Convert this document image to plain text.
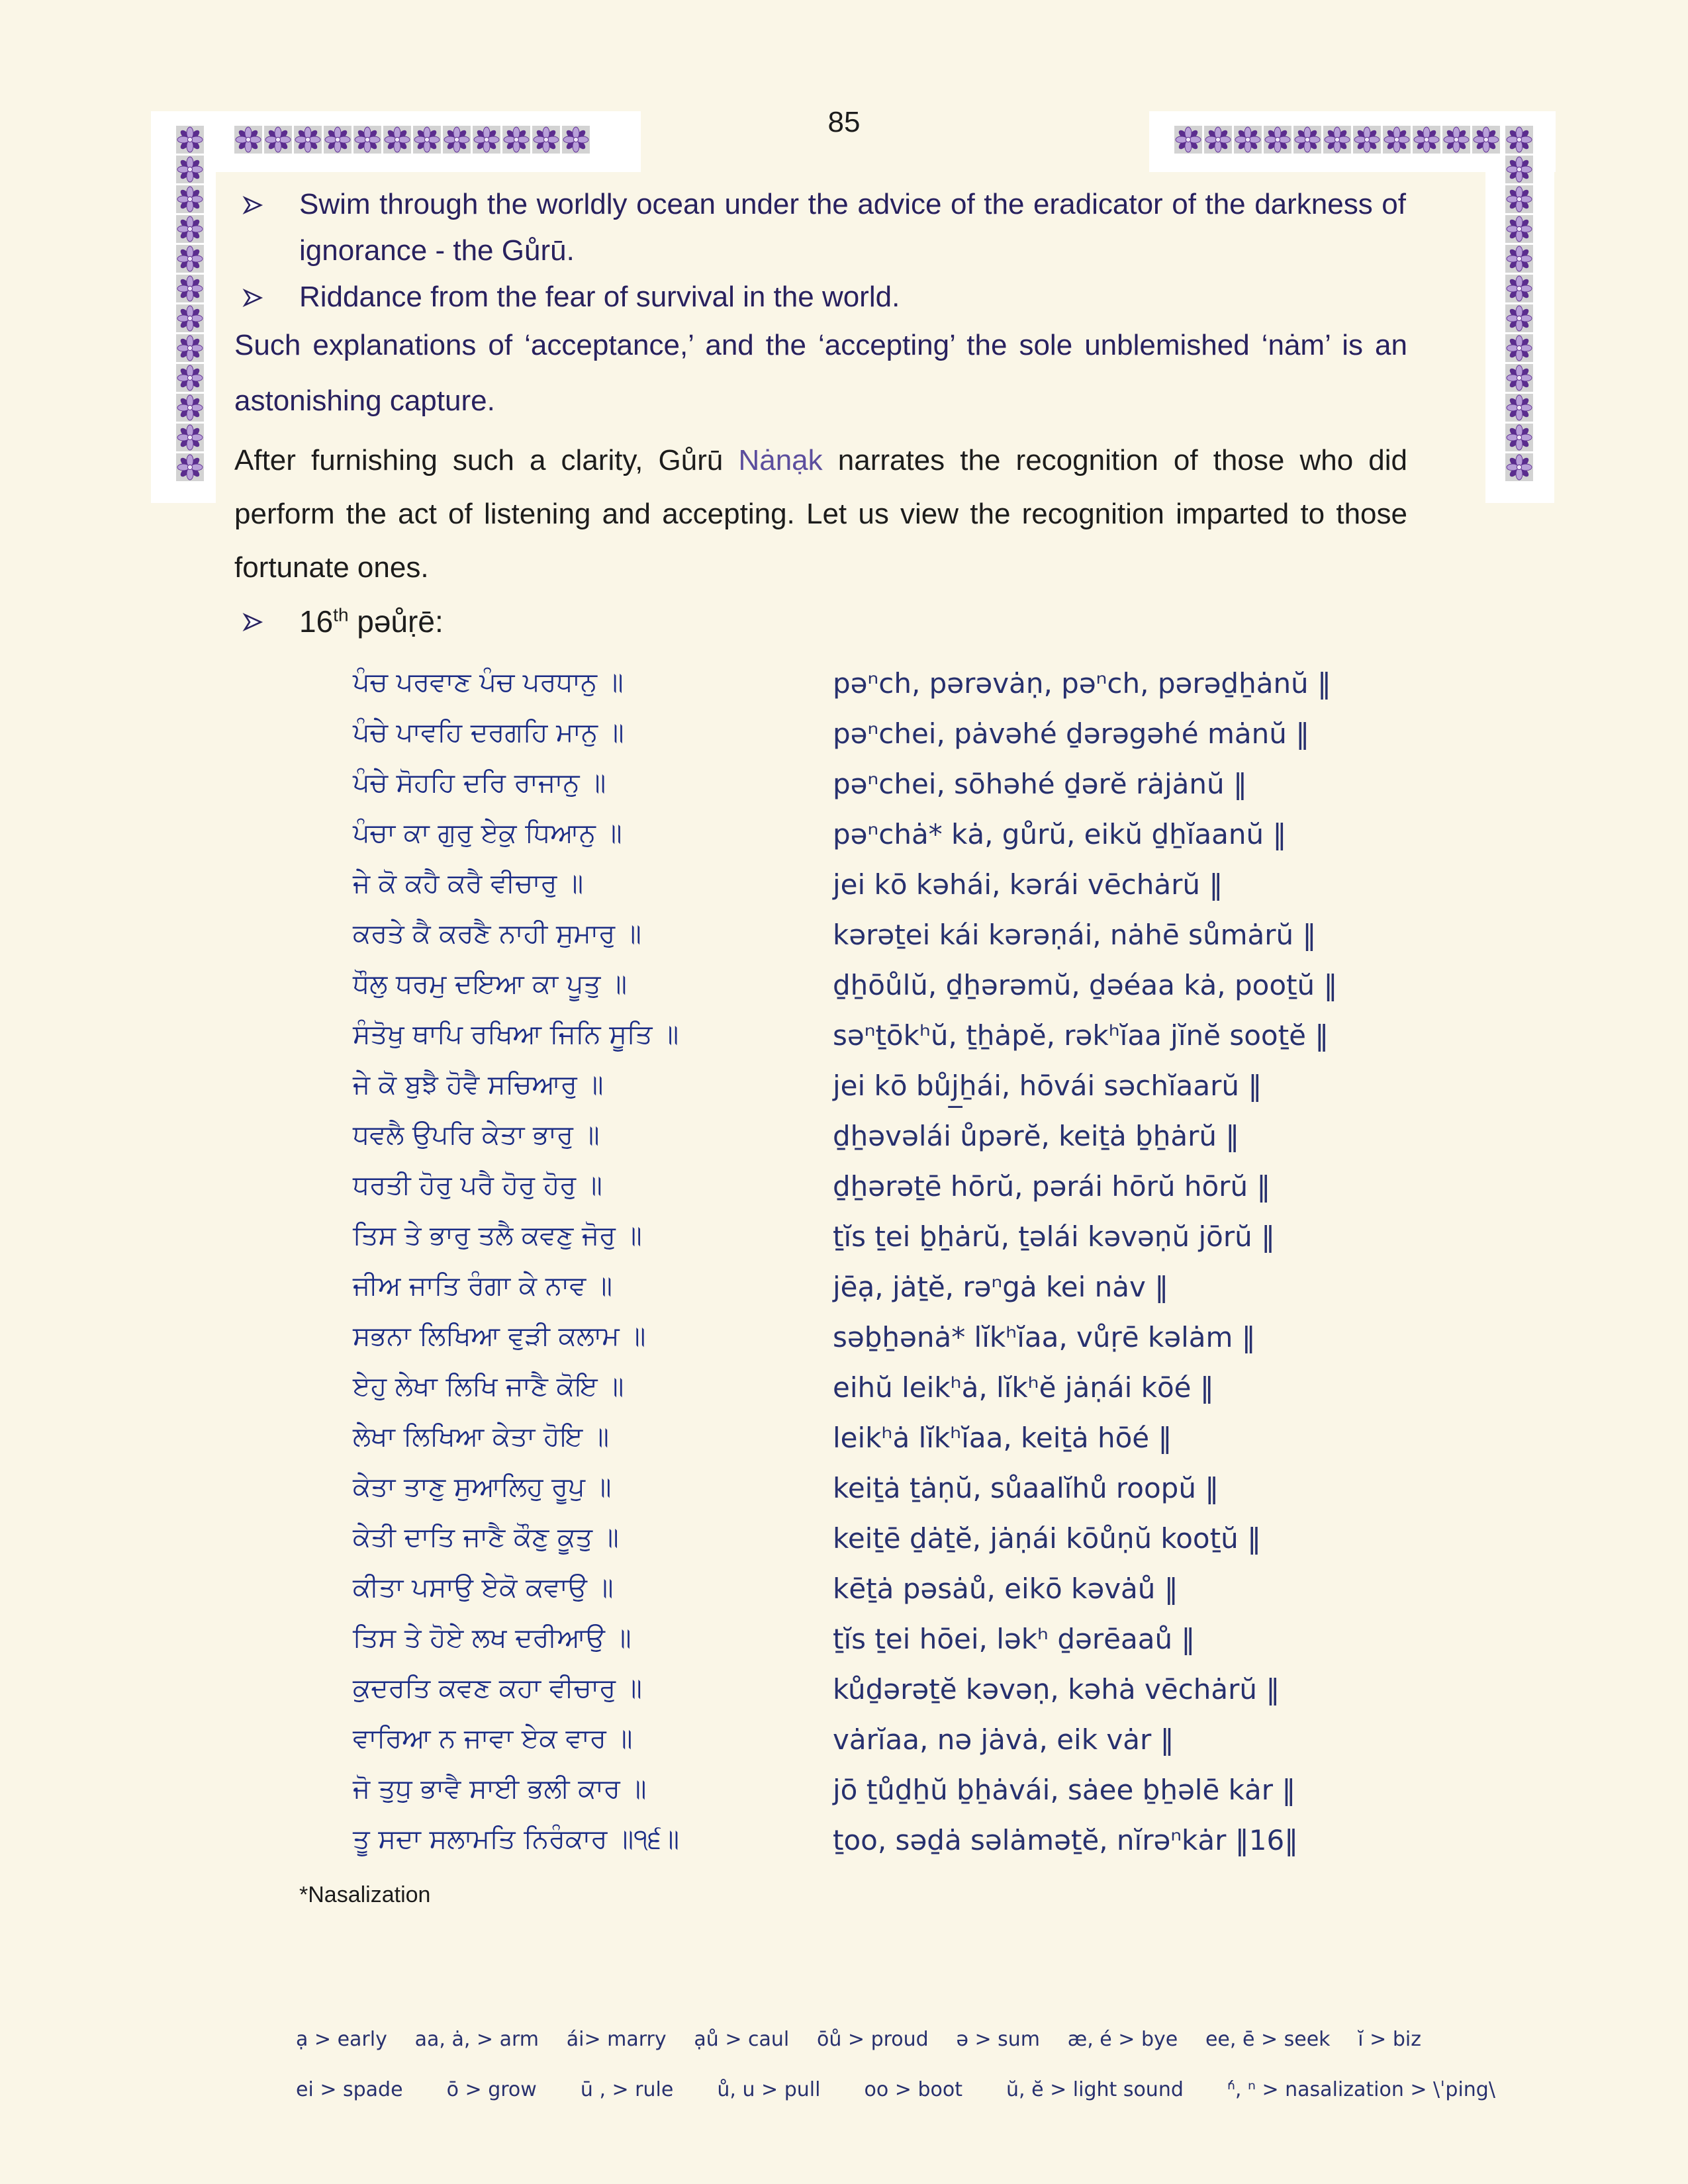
85
Swim through the worldly ocean under the advice of the eradicator of the darkness of ignorance - the Gůrū.
Riddance from the fear of survival in the world.
Such explanations of ‘acceptance,’ and the ‘accepting’ the sole unblemished ‘nȧm’ is an astonishing capture.
After furnishing such a clarity, Gůrū Nȧnạk narrates the recognition of those who did perform the act of listening and accepting. Let us view the recognition imparted to those fortunate ones.
16th pəůṛē:
ਪੰਚ ਪਰਵਾਣ ਪੰਚ ਪਰਧਾਨੁ ॥	pəⁿch, pərəvȧṇ, pəⁿch, pərəḏẖȧnŭ ‖
ਪੰਚੇ ਪਾਵਹਿ ਦਰਗਹਿ ਮਾਨੁ ॥	pəⁿchei, pȧvəhé ḏərəgəhé mȧnŭ ‖
ਪੰਚੇ ਸੋਹਹਿ ਦਰਿ ਰਾਜਾਨੁ ॥	pəⁿchei, sōhəhé ḏərĕ rȧjȧnŭ ‖
ਪੰਚਾ ਕਾ ਗੁਰੁ ਏਕੁ ਧਿਆਨੁ ॥	pəⁿchȧ* kȧ, gůrŭ, eikŭ ḏẖĭaanŭ ‖
ਜੇ ਕੋ ਕਹੈ ਕਰੈ ਵੀਚਾਰੁ ॥	jei kō kəhái, kərái vēchȧrŭ ‖
ਕਰਤੇ ਕੈ ਕਰਣੈ ਨਾਹੀ ਸੁਮਾਰੁ ॥	kərəṯei kái kərəṇái, nȧhē sůmȧrŭ ‖
ਧੌਲੁ ਧਰਮੁ ਦਇਆ ਕਾ ਪੂਤੁ ॥	ḏẖōůlŭ, ḏẖərəmŭ, ḏəéaa kȧ, pooṯŭ ‖
ਸੰਤੋਖੁ ਥਾਪਿ ਰਖਿਆ ਜਿਨਿ ਸੂਤਿ ॥	səⁿṯōkʰŭ, ṯẖȧpĕ, rəkʰĭaa jĭnĕ sooṯĕ ‖
ਜੇ ਕੋ ਬੁਝੈ ਹੋਵੈ ਸਚਿਆਰੁ ॥	jei kō bůj̲ẖái, hōvái səchĭaarŭ ‖
ਧਵਲੈ ਉਪਰਿ ਕੇਤਾ ਭਾਰੁ ॥	ḏẖəvəlái ůpərĕ, keiṯȧ ḇẖȧrŭ ‖
ਧਰਤੀ ਹੋਰੁ ਪਰੈ ਹੋਰੁ ਹੋਰੁ ॥	ḏẖərəṯē hōrŭ, pərái hōrŭ hōrŭ ‖
ਤਿਸ ਤੇ ਭਾਰੁ ਤਲੈ ਕਵਣੁ ਜੋਰੁ ॥	ṯĭs ṯei ḇẖȧrŭ, ṯəlái kəvəṇŭ jōrŭ ‖
ਜੀਅ ਜਾਤਿ ਰੰਗਾ ਕੇ ਨਾਵ ॥	jēạ, jȧṯĕ, rəⁿgȧ kei nȧv ‖
ਸਭਨਾ ਲਿਖਿਆ ਵੁੜੀ ਕਲਾਮ ॥	səḇẖənȧ* lĭkʰĭaa, vůṛē kəlȧm ‖
ਏਹੁ ਲੇਖਾ ਲਿਖਿ ਜਾਣੈ ਕੋਇ ॥	eihŭ leikʰȧ, lĭkʰĕ jȧṇái kōé ‖
ਲੇਖਾ ਲਿਖਿਆ ਕੇਤਾ ਹੋਇ ॥	leikʰȧ lĭkʰĭaa, keiṯȧ hōé ‖
ਕੇਤਾ ਤਾਣੁ ਸੁਆਲਿਹੁ ਰੂਪੁ ॥	keiṯȧ ṯȧṇŭ, sůaalĭhů roopŭ ‖
ਕੇਤੀ ਦਾਤਿ ਜਾਣੈ ਕੌਣੁ ਕੂਤੁ ॥	keiṯē ḏȧṯĕ, jȧṇái kōůṇŭ kooṯŭ ‖
ਕੀਤਾ ਪਸਾਉ ਏਕੋ ਕਵਾਉ ॥	kēṯȧ pəsȧů, eikō kəvȧů ‖
ਤਿਸ ਤੇ ਹੋਏ ਲਖ ਦਰੀਆਉ ॥	ṯĭs ṯei hōei, ləkʰ ḏərēaaů ‖
ਕੁਦਰਤਿ ਕਵਣ ਕਹਾ ਵੀਚਾਰੁ ॥	kůḏərəṯĕ kəvəṇ, kəhȧ vēchȧrŭ ‖
ਵਾਰਿਆ ਨ ਜਾਵਾ ਏਕ ਵਾਰ ॥	vȧrĭaa, nə jȧvȧ, eik vȧr ‖
ਜੋ ਤੁਧੁ ਭਾਵੈ ਸਾਈ ਭਲੀ ਕਾਰ ॥	jō ṯůḏẖŭ ḇẖȧvái, sȧee ḇẖəlē kȧr ‖
ਤੂ ਸਦਾ ਸਲਾਮਤਿ ਨਿਰੰਕਾਰ ॥੧੬॥	ṯoo, səḏȧ səlȧməṯĕ, nĭrəⁿkȧr ‖16‖
*Nasalization
ạ > early aa, ȧ, > arm ái> marry ạů > caul ōů > proud ə > sum æ, é > bye ee, ē > seek ĭ > biz
ei > spade ō > grow ū , > rule ů, u > pull oo > boot ŭ, ĕ > light sound ⁿ́, ⁿ > nasalization > \ˈping\
